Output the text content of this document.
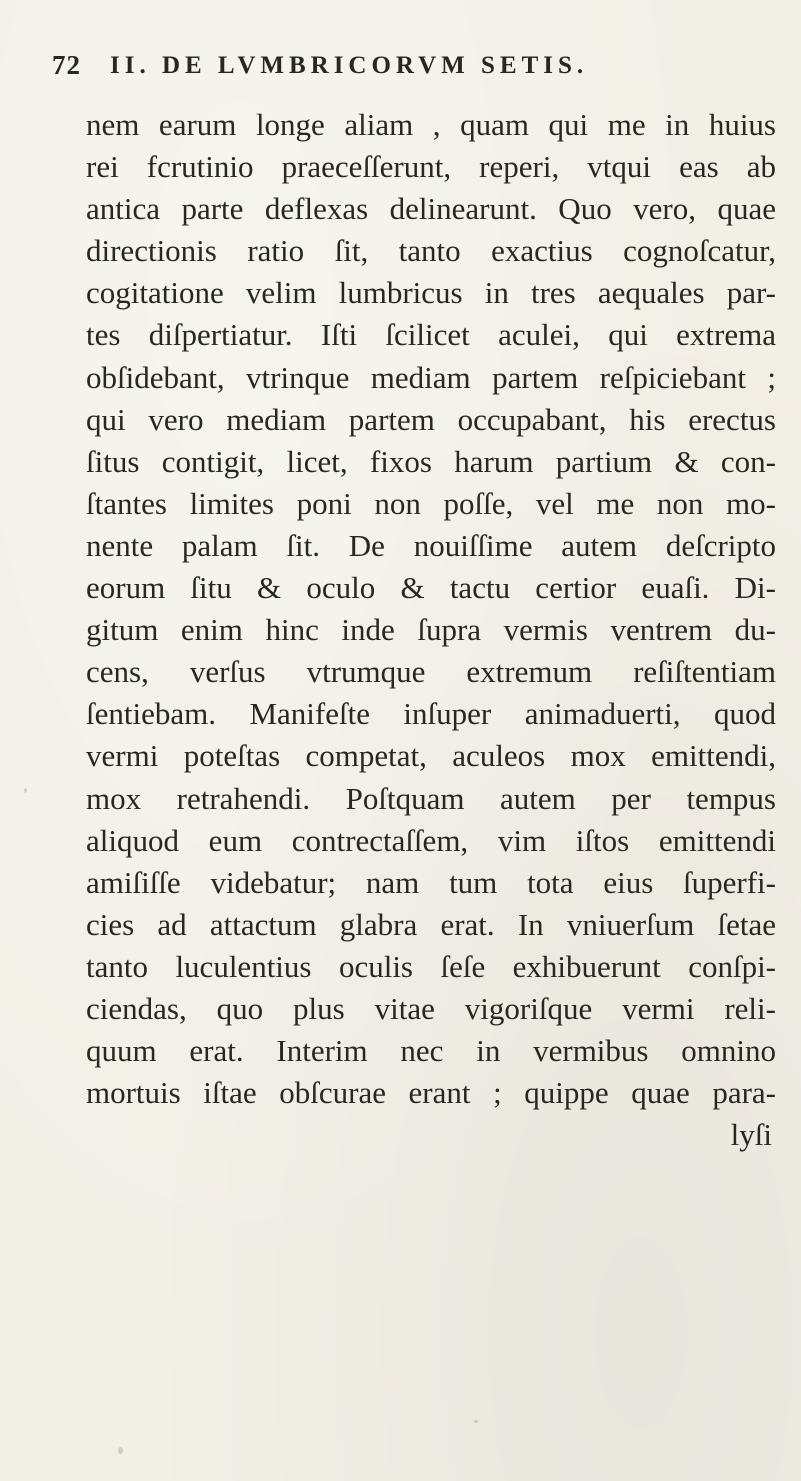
72 II. DE LVMBRICORVM SETIS.
nem earum longe aliam , quam qui me in huius
rei fcrutinio praeceſſerunt, reperi, vtqui eas ab
antica parte deflexas delinearunt. Quo vero, quae
directionis ratio ſit, tanto exactius cognoſcatur,
cogitatione velim lumbricus in tres aequales par-
tes diſpertiatur. Iſti ſcilicet aculei, qui extrema
obſidebant, vtrinque mediam partem reſpiciebant ;
qui vero mediam partem occupabant, his erectus
ſitus contigit, licet, fixos harum partium & con-
ſtantes limites poni non poſſe, vel me non mo-
nente palam ſit. De nouiſſime autem deſcripto
eorum ſitu & oculo & tactu certior euaſi. Di-
gitum enim hinc inde ſupra vermis ventrem du-
cens, verſus vtrumque extremum reſiſtentiam
ſentiebam. Manifeſte inſuper animaduerti, quod
vermi poteſtas competat, aculeos mox emittendi,
mox retrahendi. Poſtquam autem per tempus
aliquod eum contrectaſſem, vim iſtos emittendi
amiſiſſe videbatur; nam tum tota eius ſuperfi-
cies ad attactum glabra erat. In vniuerſum ſetae
tanto luculentius oculis ſeſe exhibuerunt conſpi-
ciendas, quo plus vitae vigoriſque vermi reli-
quum erat. Interim nec in vermibus omnino
mortuis iſtae obſcurae erant ; quippe quae para-
lyſi
